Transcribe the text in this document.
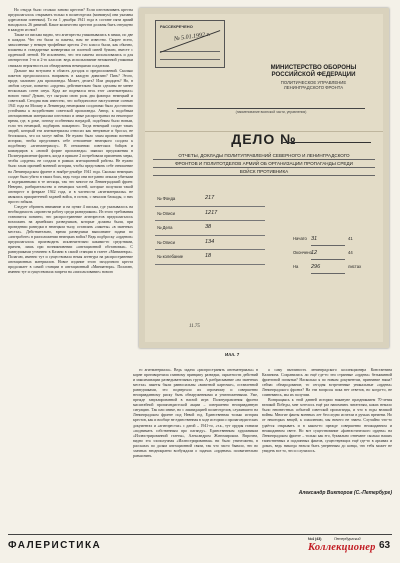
Но откуда было столько заново крестов? Если изготавливать кресты предполагалось открывать только в политотделах (минимум) они указаны адресатами пленным). То на 1 декабря 1941 года в составе пяти армий находилось 26 дивизий. Какое количество крестов должны быть отпущено в каждую из них?

Также из письма видно, что агитпресты упаковывались в пачки, по две в каждом. Что это были за пакеты, нам не известно. Скорее всего, завалленные у немцев трофейные кресты 2-го класса были, как обычно, вложены в стандартные конвертики из плотной синей бумаги, вместе с орденской лентой. Не исключено, что эти пакеты использовались и для агитпрестов 1-го и 2-го классов: ведь использование незаконной упаковки снижало вероятность их обнаружения немецкими солдатами.

Дальше мы вступаем в область догадок и предположений. Сколько пакетов предполагалось направить в каждую дивизию? Пять? Этого, вроде, маловато для пропаганды. Может, десять? Или двадцать? Но, в любом случае, понятно: «ордена» действительно были сделаны не менее нескольких сотен штук. Куда же подевался весь этот «агитматериал» нового типа? Думаю, тут сыграли свою роль два фактора: немецкий и советский. Сегодня нам известно, что победоносное наступление осенью 1941 года на Москву и Ленинград немецкими солдатами было достаточно устойчивы к воздействию советской пропаганды. Автор, к подобным агитационным материалам изготовил и иные распространял на некоторое время, где, в доме, потому особенным наградой, подобным было новым, если тех немецкой, подбирать пожарного. Тогда немецкий солдат таких людей, который эти агитматериалы относил как ненужные и бросал, не беспокоясь, что их могут найти. Не нужно было злым иронии военной истории, чтобы представить себе отношение немецкого солдата к подобному «агитматериалу». В отношении советских бойцов и командиров к «новой форме пропаганды» заявлял предложения в Политуправление фронта, когда в приказе 2 потребовали применить меры, чтобы «ордена» не создали в рамках агитационной работы. Не нужно было злым иронией военной истории, чтобы представить себе отношение на Ленинградском фронте в ноябре-декабре 1941 года. Сколько немецких солдат было убито в таких боях, ведь тогда они все равно лежали убитыми и задержанными в те месяцы, так что многое на Ленинградский фронт. Неверно, разбирательство и немецких частей, которые получили такой агитпрест в феврале 1942 года, и в частности «агитматериалы» не являлись приоритетной задачей войск, в потом, с началом блокады, о них просто забыли.

Следует обратить внимание и на пункт 4 письма, где указывалось на необходимость «провести работу среди разведчиков». Из этого требования становится понятно, что распространение агитпрестов предполагалось возложить на армейских разведчиков, которые должны были, при проведении разведки в немецком тылу, оставлять «пакеты» «в заметных местах». Действительно, время разведчики выполняют задачи по «агитработе» в расположении немецких войск? Ведь подброску «орденов» предполагалось производить исключительно какими-то средствами, причем, лишь при возникновении «агитационной обстановки». С разведчиками уточнено в Казани в самой станции в газете «Миниатюра». Полагаю, именно тут и существовала некая агентура на распространение агитационных материалов. Новое издание этого загадочного креста продолжает в самой станции в агитационный «Миниатюра». Полагаю, именно тут и существовала запрета на «использование» нового

РАССЕКРЕЧЕНО
№ 5.01.1992 г.
МИНИСТЕРСТВО ОБОРОНЫ
РОССИЙСКОЙ ФЕДЕРАЦИИ
ПОЛИТИЧЕСКОЕ УПРАВЛЕНИЕ
ЛЕНИНГРАДСКОГО ФРОНТА
(наименование воинской части, управления)
ДЕЛО №
ОТЧЕТЫ, ДОКЛАДЫ ПОЛИТУПРАВЛЕНИЙ СЕВЕРНОГО И ЛЕНИНГРАДСКОГО
ФРОНТОВ И ПОЛИТОТДЕЛОВ АРМИЙ ОБ ОРГАНИЗАЦИИ ПРОПАГАНДЫ СРЕДИ
ВОЙСК ПРОТИВНИКА
№ Фонда	217
№ Описи	1217
№ Дела	38
№ Описи	134
№ колебание	18
Начато 31	41
Окончено 12	44
На	296	листах
11.75
Илл. 7

го агитматериала». Ведь задача «распространять агитматериалы» в корне противоречила главному принципу разведки, скрытности действий и максимизации разведывательных групп. А разбрасывание «на заметных местах» пакеты были равносильны «визитной карточке», оставленной разведчиками, это подвергало их огромному и совершенно неоправданному риску быть обнаруженными и уничтоженными. Уже, прежде завуалированной в наглой игре. Политуправления фронта масштабной пропагандистской акции – совершенно неоправданную ситуацию. Так или иначе, но с ликвидацией политотделов, служившего на Ленинградском фронте под Невой год. Единственная только история крестов, как и вообще не единственная в ходе истории о пропагандистских документах и «агитпрестах» с датой – 1941-го, «т.к., тут орудия ставили «поднимать собственным про паганду». Единственным художником «Иллюстрированной газеты», Александром Житомирским. Впрочем, видно эта злополучная «Иллюстрированная» ни было уничтожена, в рассказах по долям агитационной связи, так что часто бывало, что во злачных неоднократно возбуждали о задачах «орденам» посвятительно разъяснить.

а саму пытливость ленинградского коллекционера Константина Калинина. Сохранились ли ещё где-то эти странные «ордена» безымянной фронтовой попытки? Насколько я по новым документам, признание наша? сейчас обнародование, то сегодня встреченные уникальные «ордена» Ленинградского фронта? На эти вопросы пока нет ответов, но когда-то, не сомневаюсь, мы их получим.

Возвращаясь к этой давней истории накануне праздникаием 70-летия великой Победы, мне хотелось ещё раз напомнить читателям, каких немало было неизвестных событий советской пропаганды, и что в годы великой войны. Многие факты военных лет бесследно исчезли в ручьях времени. Но от некоторых вещей, к сожалению, мы ничего не знаем. Случайно что-то удаётся открывать и в каком-то прежде совершенно неожиданном и неожиданном свете. Но вот существование «фантастического ордена» на Ленинградском фронте – только как его, буквально отвечают сколько наших таинственных и подлинных фактов, существующих ещё где-то в архивах и домах, ведь никогда нельзя быть уверенным до конца, что тебя может не увидеть все то, что и случилось.

Александр Викторов (С.-Петербург)
ФАЛЕРИСТИКА
№4 (43)	Петербургский
Коллекционер 63
